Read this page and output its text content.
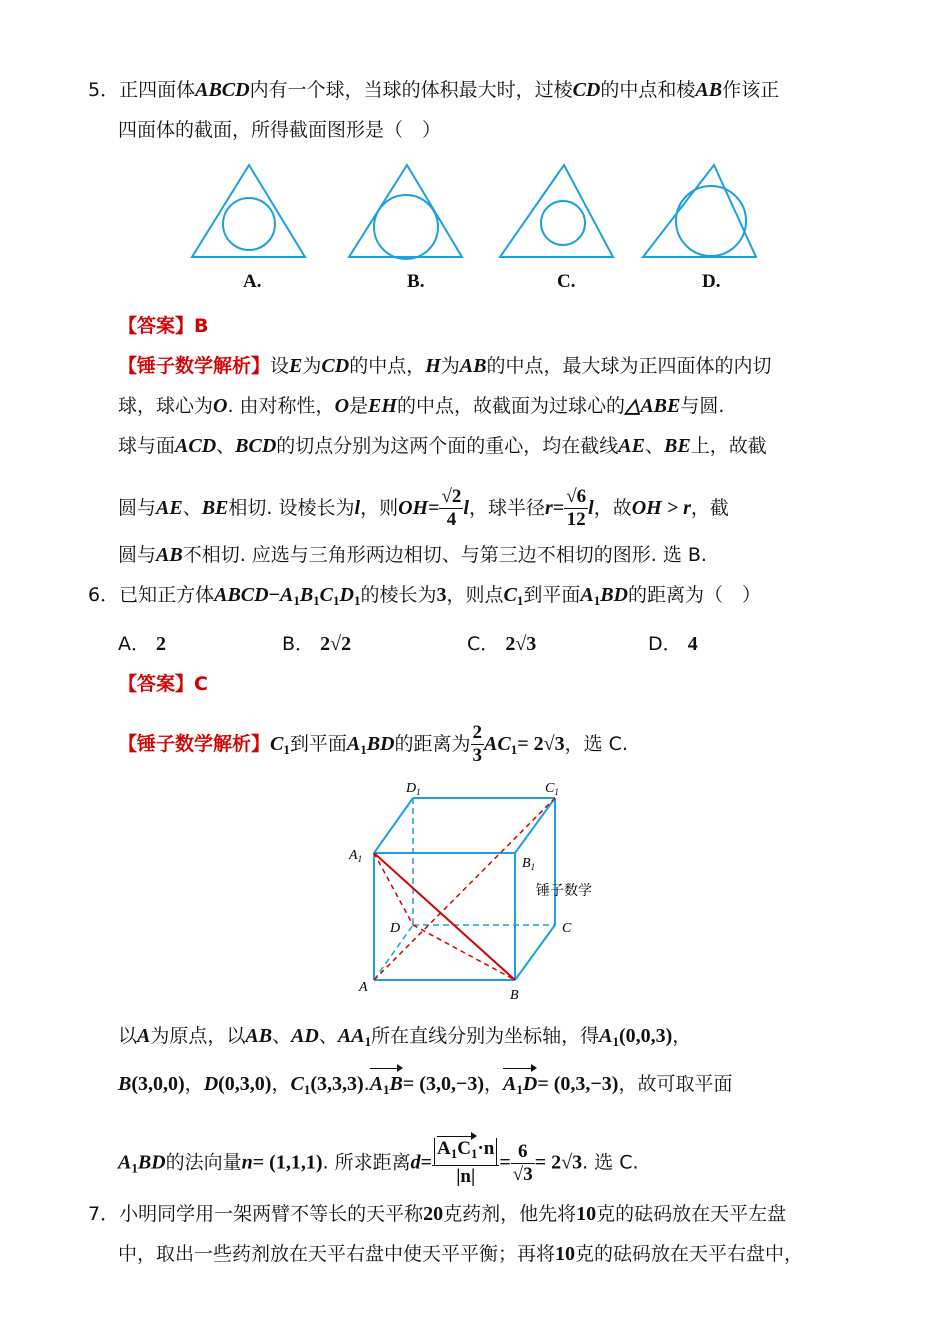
5．正四面体ABCD内有一个球，当球的体积最大时，过棱CD的中点和棱AB作该正
四面体的截面，所得截面图形是（　）
A.	B.	C.	D.
【答案】B
【锤子数学解析】设E为CD的中点，H为AB的中点，最大球为正四面体的内切
球，球心为O. 由对称性，O是EH的中点，故截面为过球心的△ABE与圆.
球与面ACD、BCD的切点分别为这两个面的重心，均在截线AE、BE上，故截
圆与AE、BE相切. 设棱长为l，则$OH= \frac{√2}{4}$ l，球半径$r= \frac{√6}{12}$ l，故OH > r，截
圆与AB不相切. 应选与三角形两边相切、与第三边不相切的图形. 选 B.
6．已知正方体$ABCD-A_1B_1C_1D_1$的棱长为3，则点$C_1$到平面$A_1BD$的距离为（　）
A． 2	B． 2√2	C． 2√3	D． 4
【答案】C
【锤子数学解析】$C_1$到平面$A_1BD$的距离为 $\frac{2}{3} AC_1= 2√3$，选 C.
$D_1$	$C_1$
$A_1$	$B_1$
D	C
A
B
锤子数学
以A为原点，以AB、AD、$AA_1$所在直线分别为坐标轴，得$A_1(0,0,3)$，
B(3,0,0)，D(0,3,0)，$C_1(3,3,3).A_1B= (3,0,-3)$，$A_1D= (0,3,-3)$，故可取平面
$A_1BD$的法向量n= (1,1,1). 所求距离$d= \frac{A_1C_1\cdot n}{|n|} = \frac{6}{√3} = 2√3$. 选 C.
7．小明同学用一架两臂不等长的天平称20克药剂，他先将10克的砝码放在天平左盘
中，取出一些药剂放在天平右盘中使天平平衡；再将10克的砝码放在天平右盘中，
